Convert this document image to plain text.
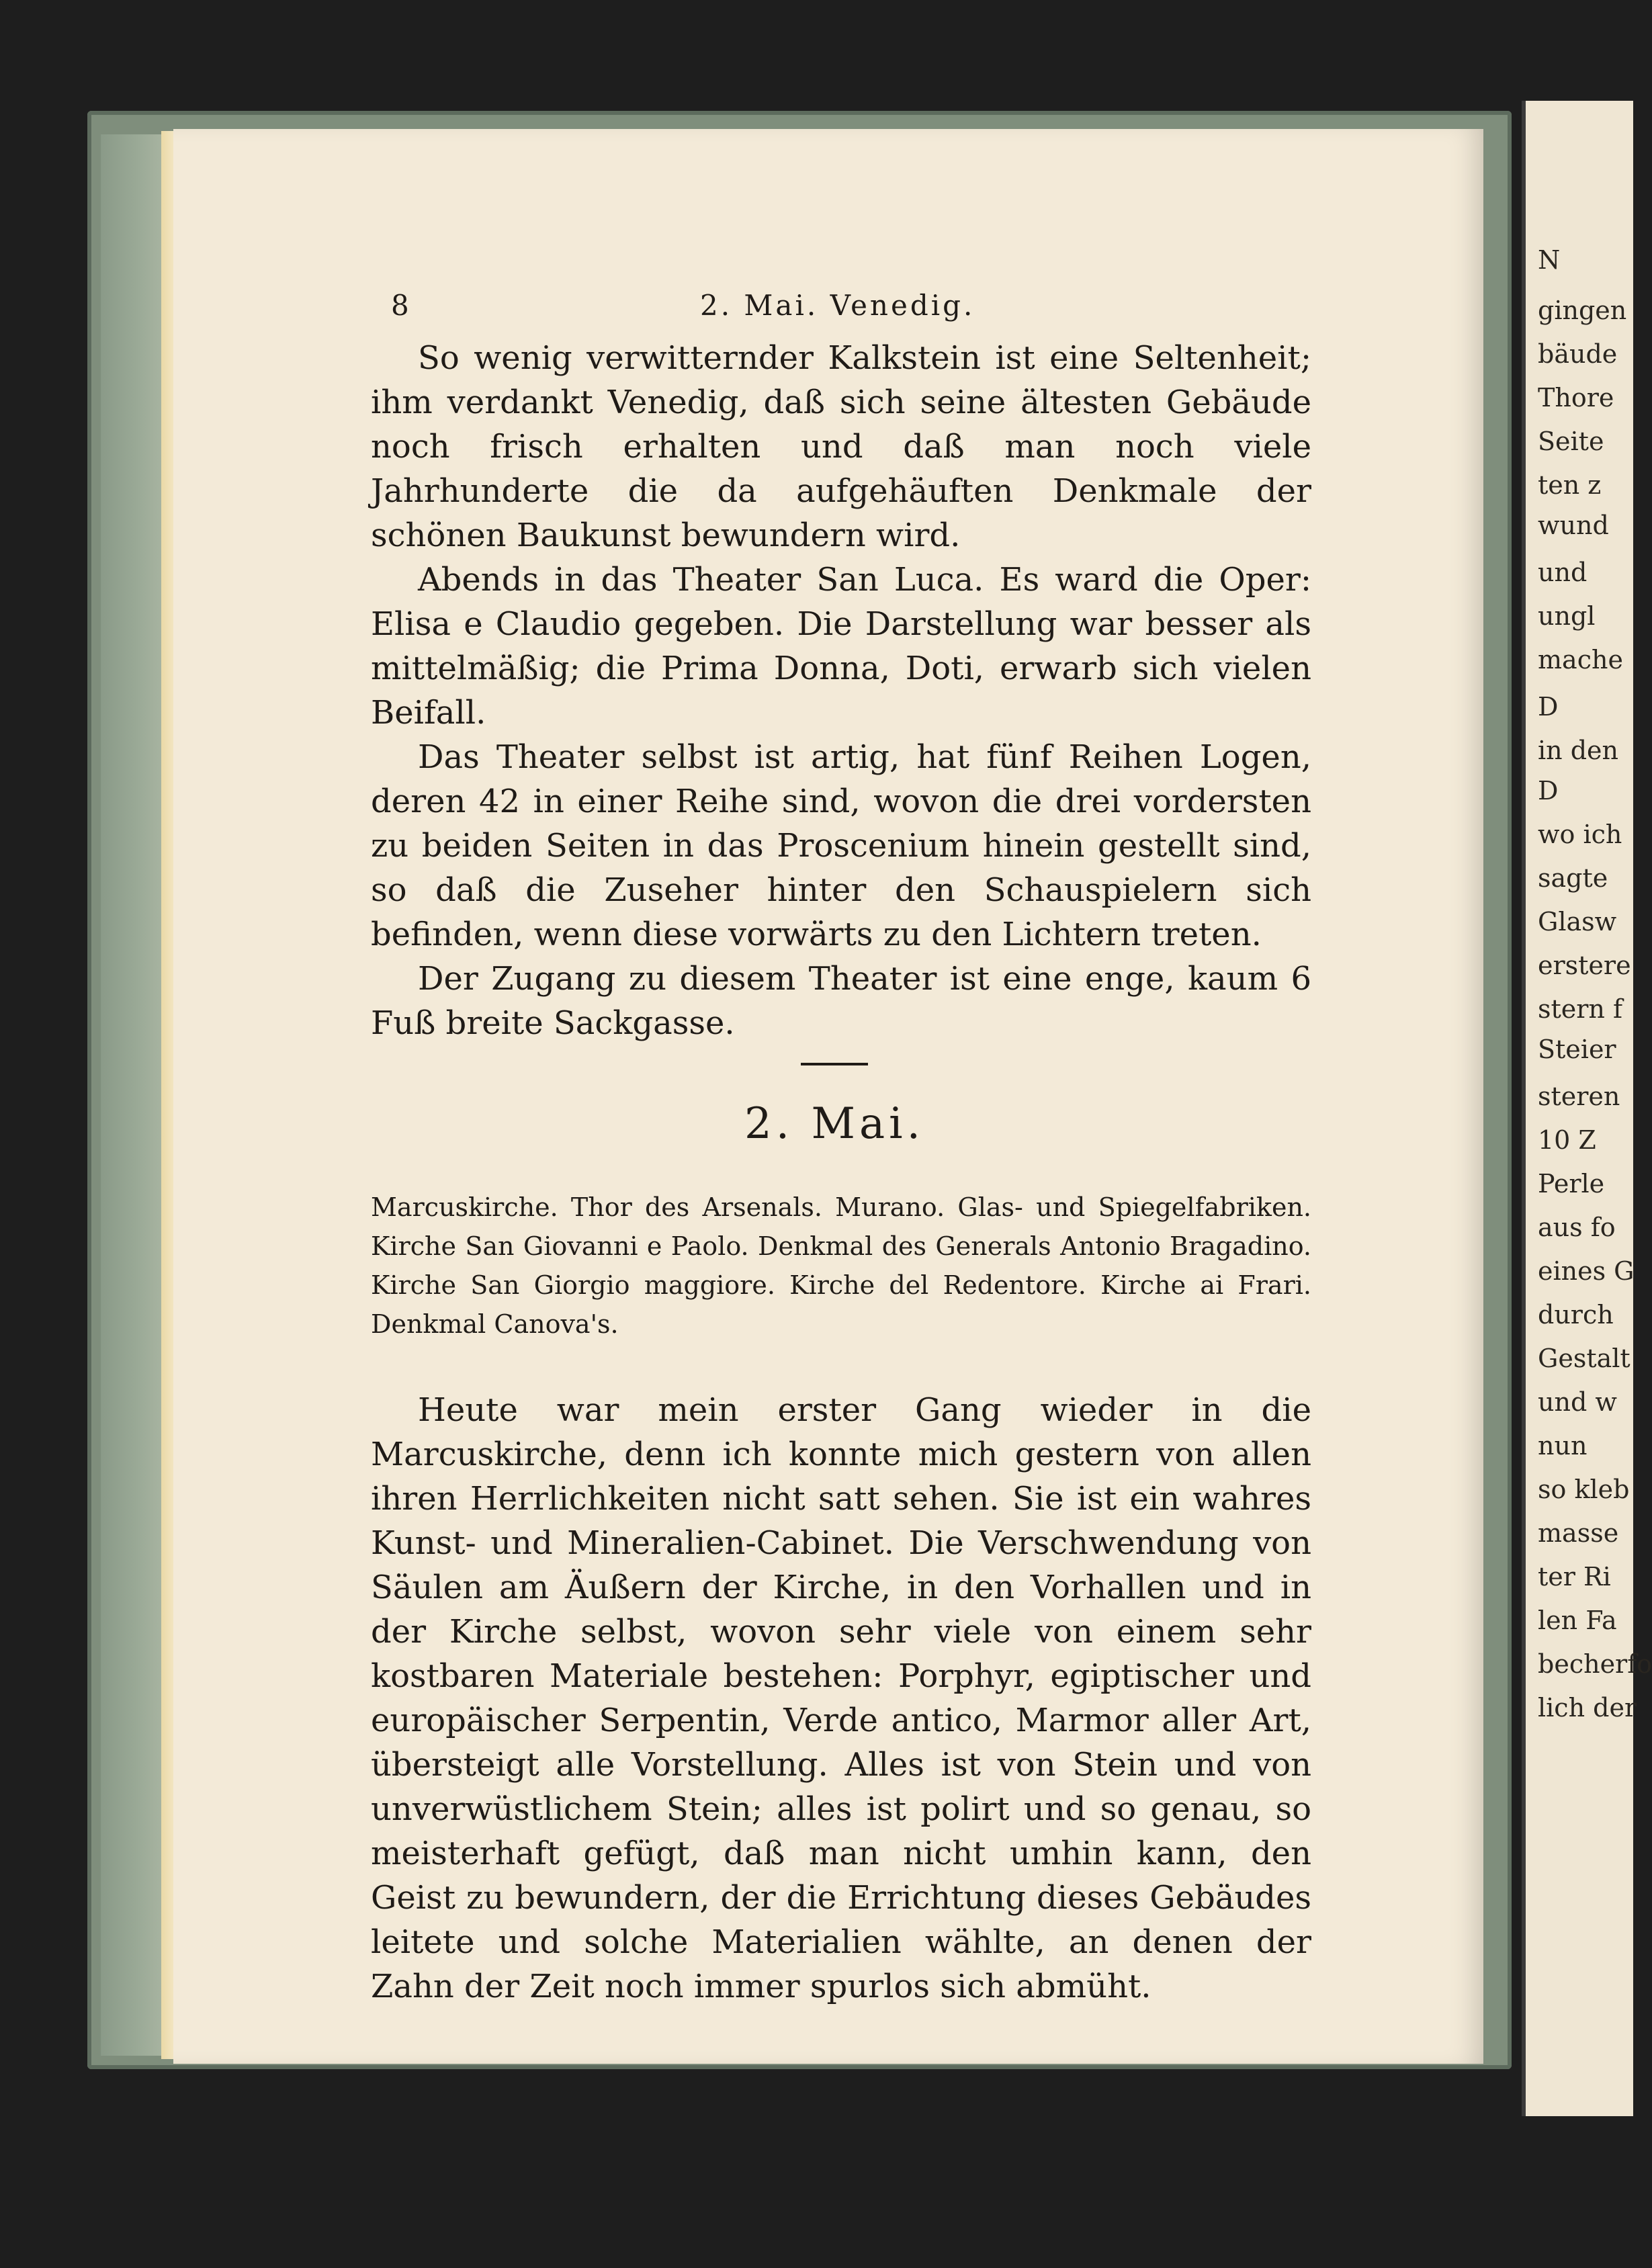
N
gingen
bäude
Thore
Seite
ten z
wund
und
ungl
mache
D
in den
D
wo ich
sagte
Glasw
erstere
stern f
Steier
steren
10 Z
Perle
aus fo
eines G
durch
Gestalt
und w
nun
so kleb
masse
ter Ri
len Fa
becherfo
lich der
8	2. Mai. Venedig.

So wenig verwitternder Kalkstein ist eine Seltenheit; ihm verdankt Venedig, daß sich seine ältesten Gebäude noch frisch erhalten und daß man noch viele Jahrhunderte die da aufgehäuften Denkmale der schönen Baukunst bewundern wird.

Abends in das Theater San Luca. Es ward die Oper: Elisa e Claudio gegeben. Die Darstellung war besser als mittelmäßig; die Prima Donna, Doti, erwarb sich vielen Beifall.

Das Theater selbst ist artig, hat fünf Reihen Logen, deren 42 in einer Reihe sind, wovon die drei vordersten zu beiden Seiten in das Proscenium hinein gestellt sind, so daß die Zuseher hinter den Schauspielern sich befinden, wenn diese vorwärts zu den Lichtern treten.

Der Zugang zu diesem Theater ist eine enge, kaum 6 Fuß breite Sackgasse.

2. Mai.

Marcuskirche. Thor des Arsenals. Murano. Glas- und Spiegelfabriken. Kirche San Giovanni e Paolo. Denkmal des Generals Antonio Bragadino. Kirche San Giorgio maggiore. Kirche del Redentore. Kirche ai Frari. Denkmal Canova's.

Heute war mein erster Gang wieder in die Marcuskirche, denn ich konnte mich gestern von allen ihren Herrlichkeiten nicht satt sehen. Sie ist ein wahres Kunst- und Mineralien-Cabinet. Die Verschwendung von Säulen am Äußern der Kirche, in den Vorhallen und in der Kirche selbst, wovon sehr viele von einem sehr kostbaren Materiale bestehen: Porphyr, egiptischer und europäischer Serpentin, Verde antico, Marmor aller Art, übersteigt alle Vorstellung. Alles ist von Stein und von unverwüstlichem Stein; alles ist polirt und so genau, so meisterhaft gefügt, daß man nicht umhin kann, den Geist zu bewundern, der die Errichtung dieses Gebäudes leitete und solche Materialien wählte, an denen der Zahn der Zeit noch immer spurlos sich abmüht.
